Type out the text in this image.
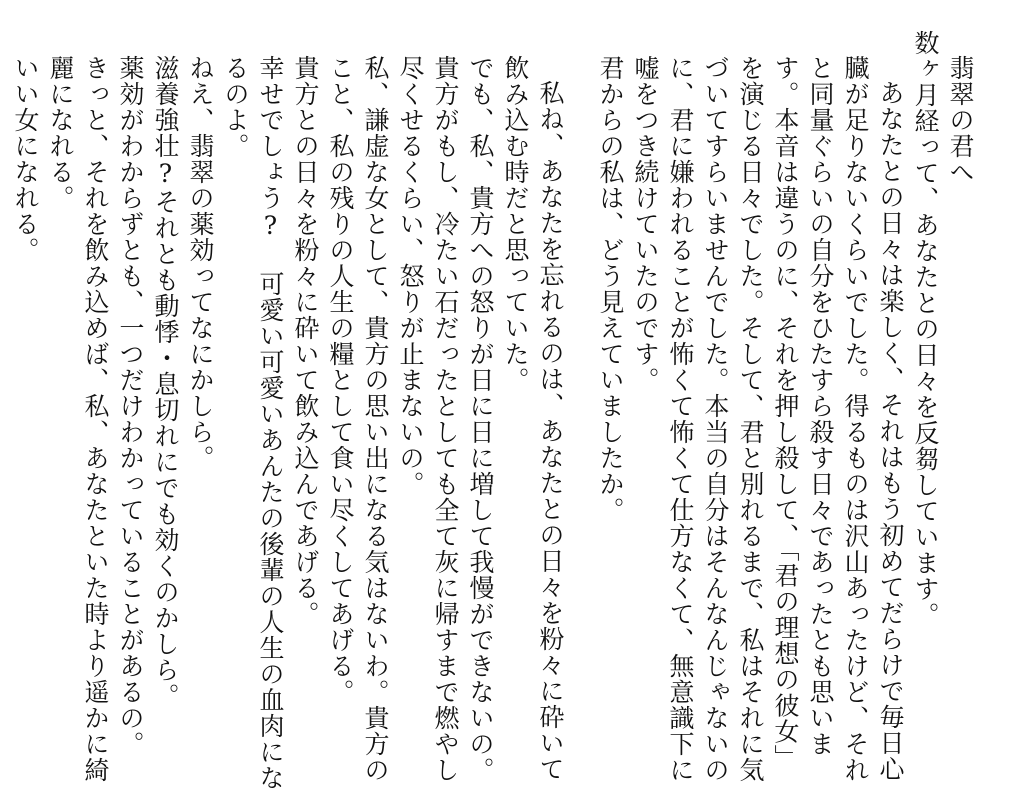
翡翠の君へ
数ヶ月経って、あなたとの日々を反芻しています。
あなたとの日々は楽しく、それはもう初めてだらけで毎日心
臓が足りないくらいでした。得るものは沢山あったけど、それ
と同量ぐらいの自分をひたすら殺す日々であったとも思いま
す。本音は違うのに、それを押し殺して、「君の理想の彼女」
を演じる日々でした。そして、君と別れるまで、私はそれに気
づいてすらいませんでした。本当の自分はそんなんじゃないの
に、君に嫌われることが怖くて怖くて仕方なくて、無意識下に
嘘をつき続けていたのです。
君からの私は、どう見えていましたか。
私ね、あなたを忘れるのは、あなたとの日々を粉々に砕いて
飲み込む時だと思っていた。
でも、私、貴方への怒りが日に日に増して我慢ができないの。
貴方がもし、冷たい石だったとしても全て灰に帰すまで燃やし
尽くせるくらい、怒りが止まないの。
私、謙虚な女として、貴方の思い出になる気はないわ。貴方の
こと、私の残りの人生の糧として食い尽くしてあげる。
貴方との日々を粉々に砕いて飲み込んであげる。
幸せでしょう? 可愛い可愛いあんたの後輩の人生の血肉にな
るのよ。
ねえ、翡翠の薬効ってなにかしら。
滋養強壮?それとも動悸・息切れにでも効くのかしら。
薬効がわからずとも、一つだけわかっていることがあるの。
きっと、それを飲み込めば、私、あなたといた時より遥かに綺
麗になれる。
いい女になれる。
